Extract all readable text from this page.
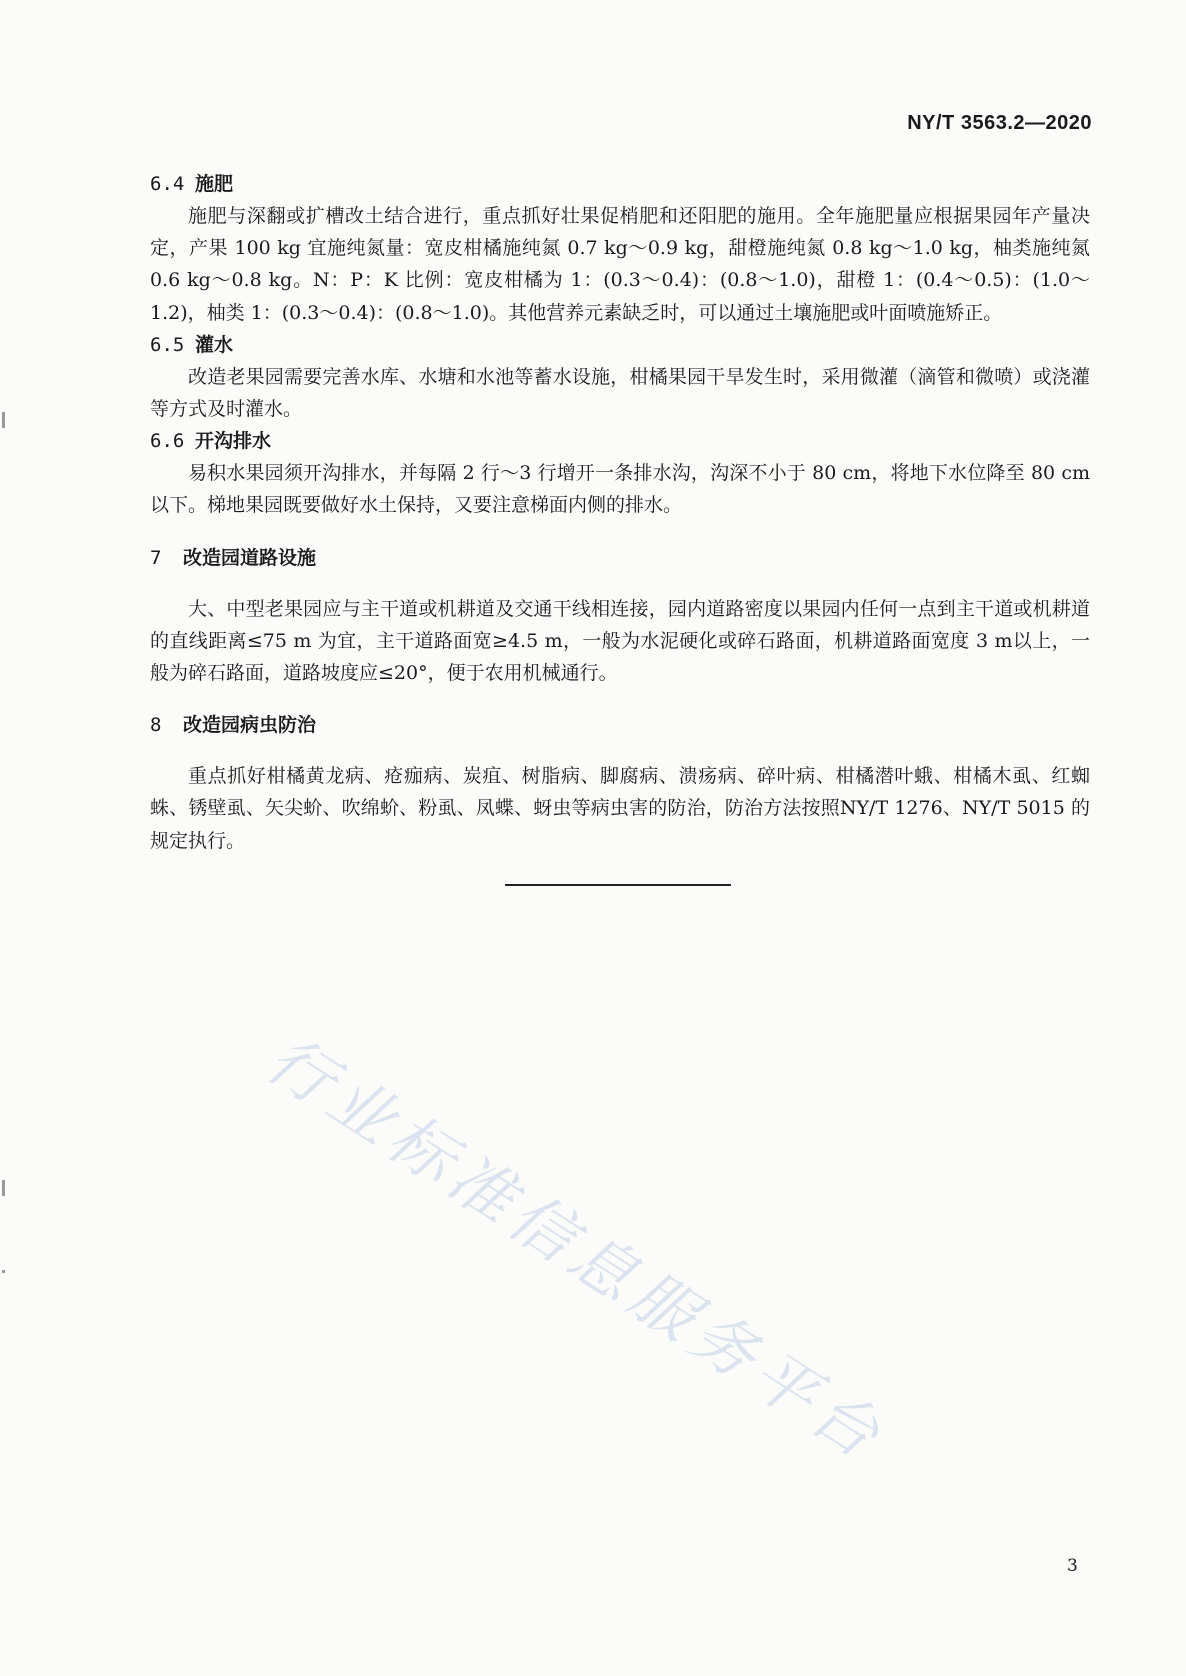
NY/T 3563.2—2020
6.4 施肥

施肥与深翻或扩槽改土结合进行，重点抓好壮果促梢肥和还阳肥的施用。全年施肥量应根据果园年产量决定，产果 100 kg 宜施纯氮量：宽皮柑橘施纯氮 0.7 kg～0.9 kg，甜橙施纯氮 0.8 kg～1.0 kg，柚类施纯氮0.6 kg～0.8 kg。N：P：K 比例：宽皮柑橘为 1：(0.3～0.4)：(0.8～1.0)，甜橙 1：(0.4～0.5)：(1.0～1.2)，柚类 1：(0.3～0.4)：(0.8～1.0)。其他营养元素缺乏时，可以通过土壤施肥或叶面喷施矫正。

6.5 灌水

改造老果园需要完善水库、水塘和水池等蓄水设施，柑橘果园干旱发生时，采用微灌（滴管和微喷）或浇灌等方式及时灌水。

6.6 开沟排水

易积水果园须开沟排水，并每隔 2 行～3 行增开一条排水沟，沟深不小于 80 cm，将地下水位降至 80 cm以下。梯地果园既要做好水土保持，又要注意梯面内侧的排水。

7 改造园道路设施

大、中型老果园应与主干道或机耕道及交通干线相连接，园内道路密度以果园内任何一点到主干道或机耕道的直线距离≤75 m 为宜，主干道路面宽≥4.5 m，一般为水泥硬化或碎石路面，机耕道路面宽度 3 m以上，一般为碎石路面，道路坡度应≤20°，便于农用机械通行。

8 改造园病虫防治

重点抓好柑橘黄龙病、疮痂病、炭疽、树脂病、脚腐病、溃疡病、碎叶病、柑橘潜叶蛾、柑橘木虱、红蜘蛛、锈壁虱、矢尖蚧、吹绵蚧、粉虱、凤蝶、蚜虫等病虫害的防治，防治方法按照NY/T 1276、NY/T 5015 的规定执行。

行业标准信息服务平台
3
